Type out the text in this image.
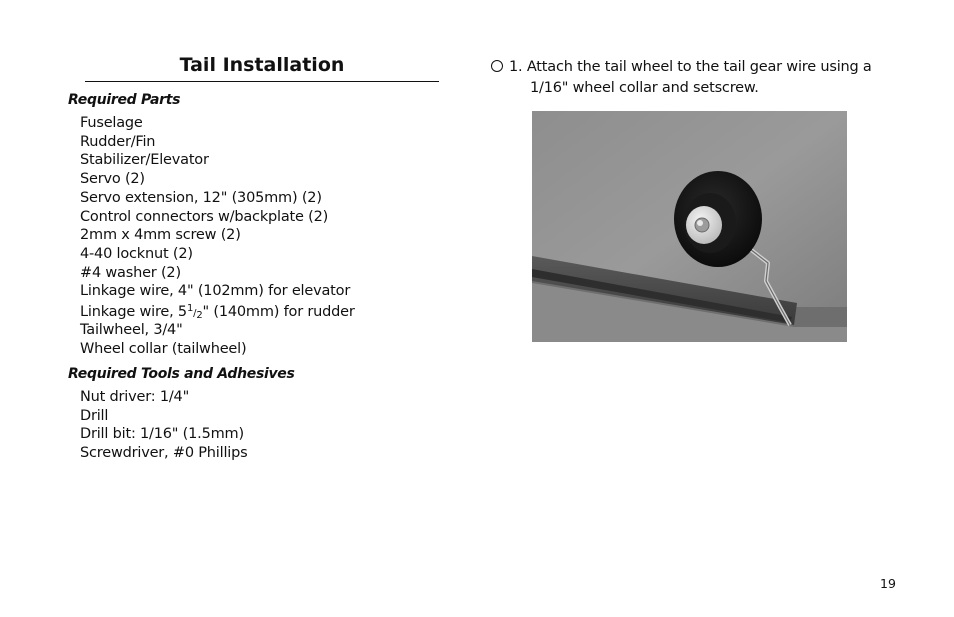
Tail Installation
Required Parts
Fuselage
Rudder/Fin
Stabilizer/Elevator
Servo (2)
Servo extension, 12" (305mm) (2)
Control connectors w/backplate (2)
2mm x 4mm screw (2)
4-40 locknut (2)
#4 washer (2)
Linkage wire, 4" (102mm) for elevator
Linkage wire, 51/2" (140mm) for rudder
Tailwheel, 3/4"
Wheel collar (tailwheel)
Required Tools and Adhesives
Nut driver: 1/4"
Drill
Drill bit: 1/16" (1.5mm)
Screwdriver, #0 Phillips
1. Attach the tail wheel to the tail gear wire using a
1/16" wheel collar and setscrew.
19
